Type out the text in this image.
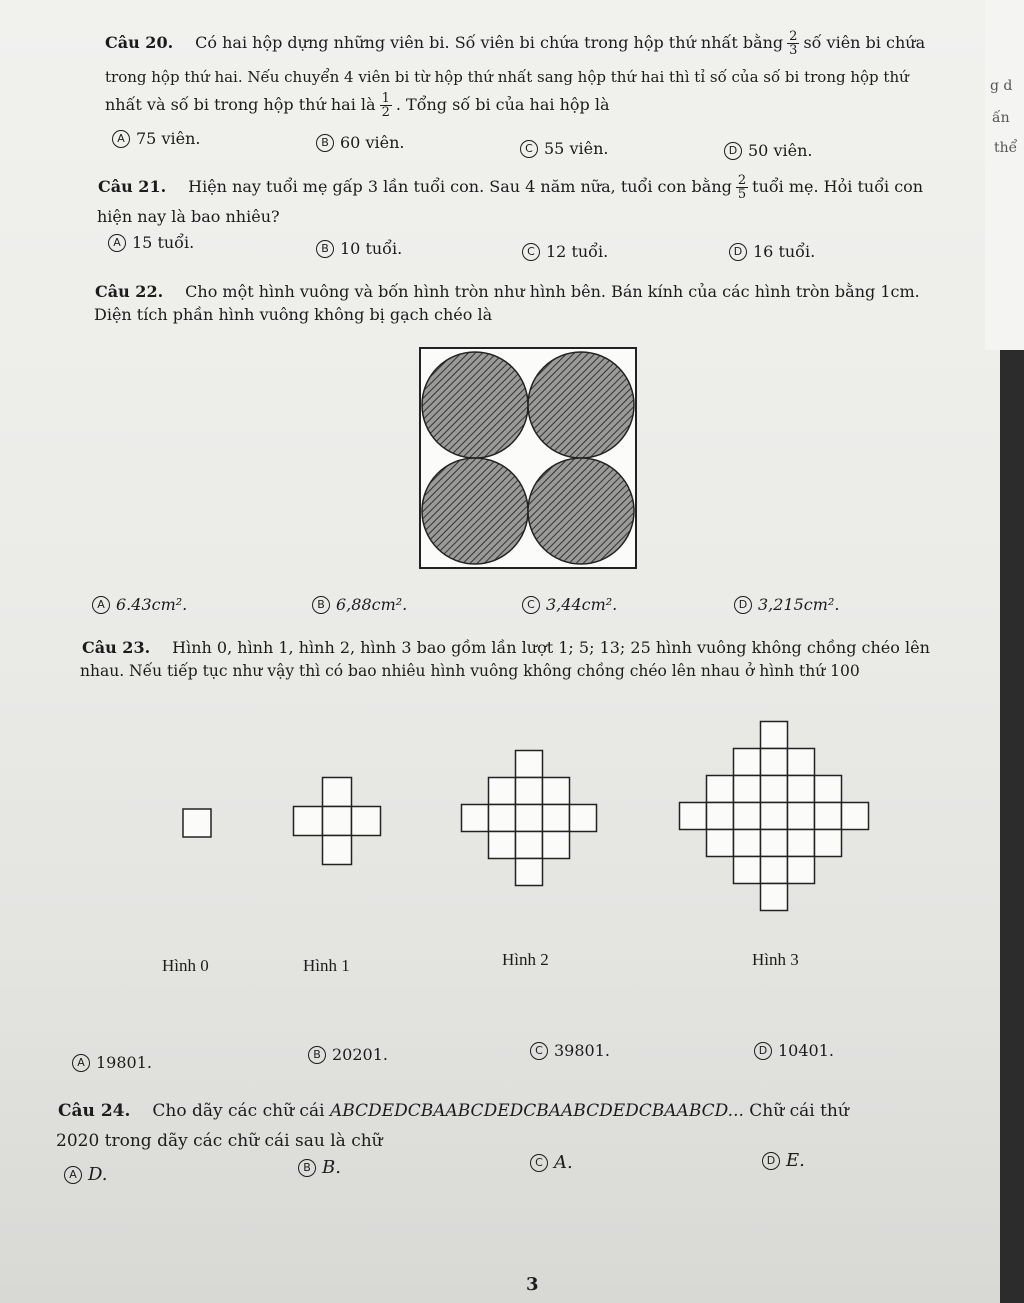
g d
ấn
thể
Câu 20. Có hai hộp dựng những viên bi. Số viên bi chứa trong hộp thứ nhất bằng $\frac{2}{3}$ số viên bi chứa
trong hộp thứ hai. Nếu chuyển 4 viên bi từ hộp thứ nhất sang hộp thứ hai thì tỉ số của số bi trong hộp thứ
nhất và số bi trong hộp thứ hai là $\frac{1}{2}$ . Tổng số bi của hai hộp là
A 75 viên.	B 60 viên.	C 55 viên.	D 50 viên.
Câu 21. Hiện nay tuổi mẹ gấp 3 lần tuổi con. Sau 4 năm nữa, tuổi con bằng $\frac{2}{5}$ tuổi mẹ. Hỏi tuổi con
hiện nay là bao nhiêu?
A 15 tuổi.	B 10 tuổi.	C 12 tuổi.	D 16 tuổi.
Câu 22. Cho một hình vuông và bốn hình tròn như hình bên. Bán kính của các hình tròn bằng 1cm.
Diện tích phần hình vuông không bị gạch chéo là
A 6.43cm².	B 6,88cm².	C 3,44cm².	D 3,215cm².
Câu 23. Hình 0, hình 1, hình 2, hình 3 bao gồm lần lượt 1; 5; 13; 25 hình vuông không chồng chéo lên
nhau. Nếu tiếp tục như vậy thì có bao nhiêu hình vuông không chồng chéo lên nhau ở hình thứ 100
Hình 0	Hình 1	Hình 2	Hình 3
A 19801.	B 20201.	C 39801.	D 10401.
Câu 24. Cho dãy các chữ cái ABCDEDCBAABCDEDCBAABCDEDCBAABCD... Chữ cái thứ
2020 trong dãy các chữ cái sau là chữ
A D.	B B.	C A.	D E.
3
